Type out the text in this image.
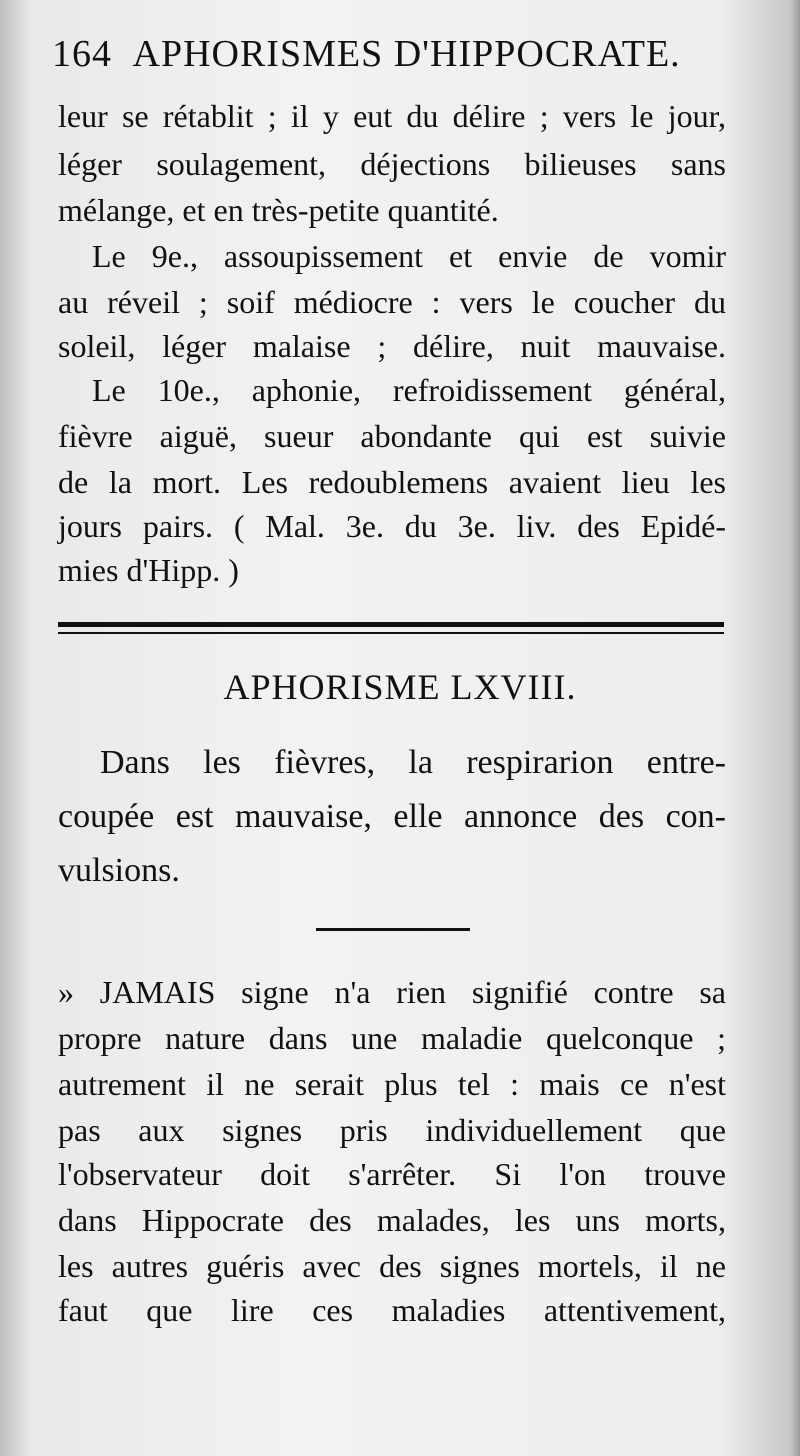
164 APHORISMES D'HIPPOCRATE.
leur se rétablit ; il y eut du délire ; vers le jour,
léger soulagement, déjections bilieuses sans
mélange, et en très-petite quantité.
Le 9e., assoupissement et envie de vomir
au réveil ; soif médiocre : vers le coucher du
soleil, léger malaise ; délire, nuit mauvaise.
Le 10e., aphonie, refroidissement général,
fièvre aiguë, sueur abondante qui est suivie
de la mort. Les redoublemens avaient lieu les
jours pairs. ( Mal. 3e. du 3e. liv. des Epidé-
mies d'Hipp. )
APHORISME LXVIII.
Dans les fièvres, la respirarion entre-
coupée est mauvaise, elle annonce des con-
vulsions.
» JAMAIS signe n'a rien signifié contre sa
propre nature dans une maladie quelconque ;
autrement il ne serait plus tel : mais ce n'est
pas aux signes pris individuellement que
l'observateur doit s'arrêter. Si l'on trouve
dans Hippocrate des malades, les uns morts,
les autres guéris avec des signes mortels, il ne
faut que lire ces maladies attentivement,
